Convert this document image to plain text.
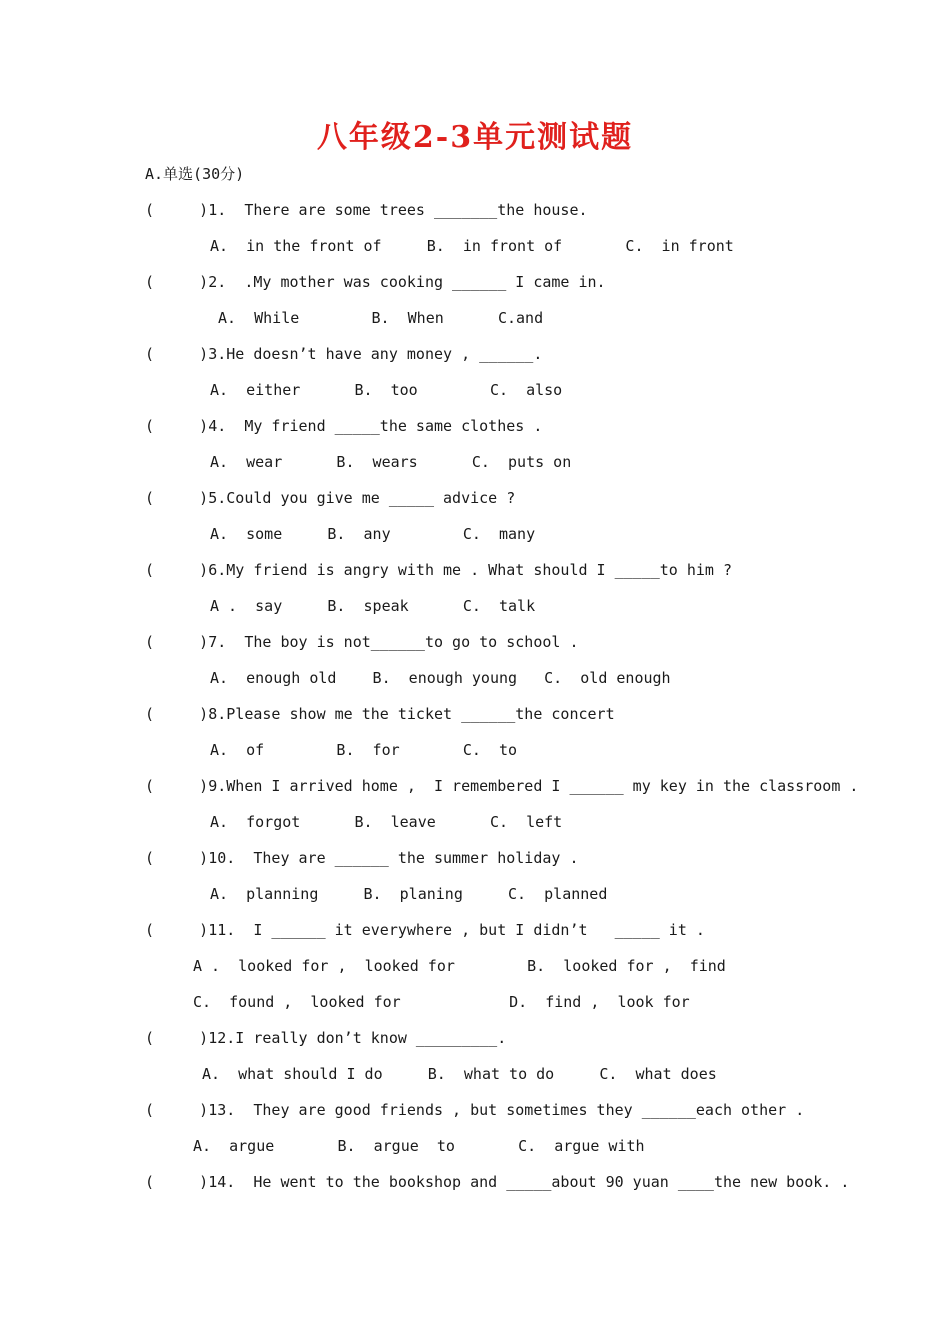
八年级2-3单元测试题
A.单选(30分)
(     )1.  There are some trees _______the house.
A.  in the front of     B.  in front of       C.  in front
(     )2.  .My mother was cooking ______ I came in.
A.  While        B.  When      C.and
(     )3.He doesn’t have any money , ______.
A.  either      B.  too        C.  also
(     )4.  My friend _____the same clothes .
A.  wear      B.  wears      C.  puts on
(     )5.Could you give me _____ advice ?
A.  some     B.  any        C.  many
(     )6.My friend is angry with me . What should I _____to him ?
A .  say     B.  speak      C.  talk
(     )7.  The boy is not______to go to school .
A.  enough old    B.  enough young   C.  old enough
(     )8.Please show me the ticket ______the concert
A.  of        B.  for       C.  to
(     )9.When I arrived home ,  I remembered I ______ my key in the classroom .
A.  forgot      B.  leave      C.  left
(     )10.  They are ______ the summer holiday .
A.  planning     B.  planing     C.  planned
(     )11.  I ______ it everywhere , but I didn’t   _____ it .
A .  looked for ,  looked for        B.  looked for ,  find
C.  found ,  looked for            D.  find ,  look for
(     )12.I really don’t know _________.
A.  what should I do     B.  what to do     C.  what does
(     )13.  They are good friends , but sometimes they ______each other .
A.  argue       B.  argue  to       C.  argue with
(     )14.  He went to the bookshop and _____about 90 yuan ____the new book. .
